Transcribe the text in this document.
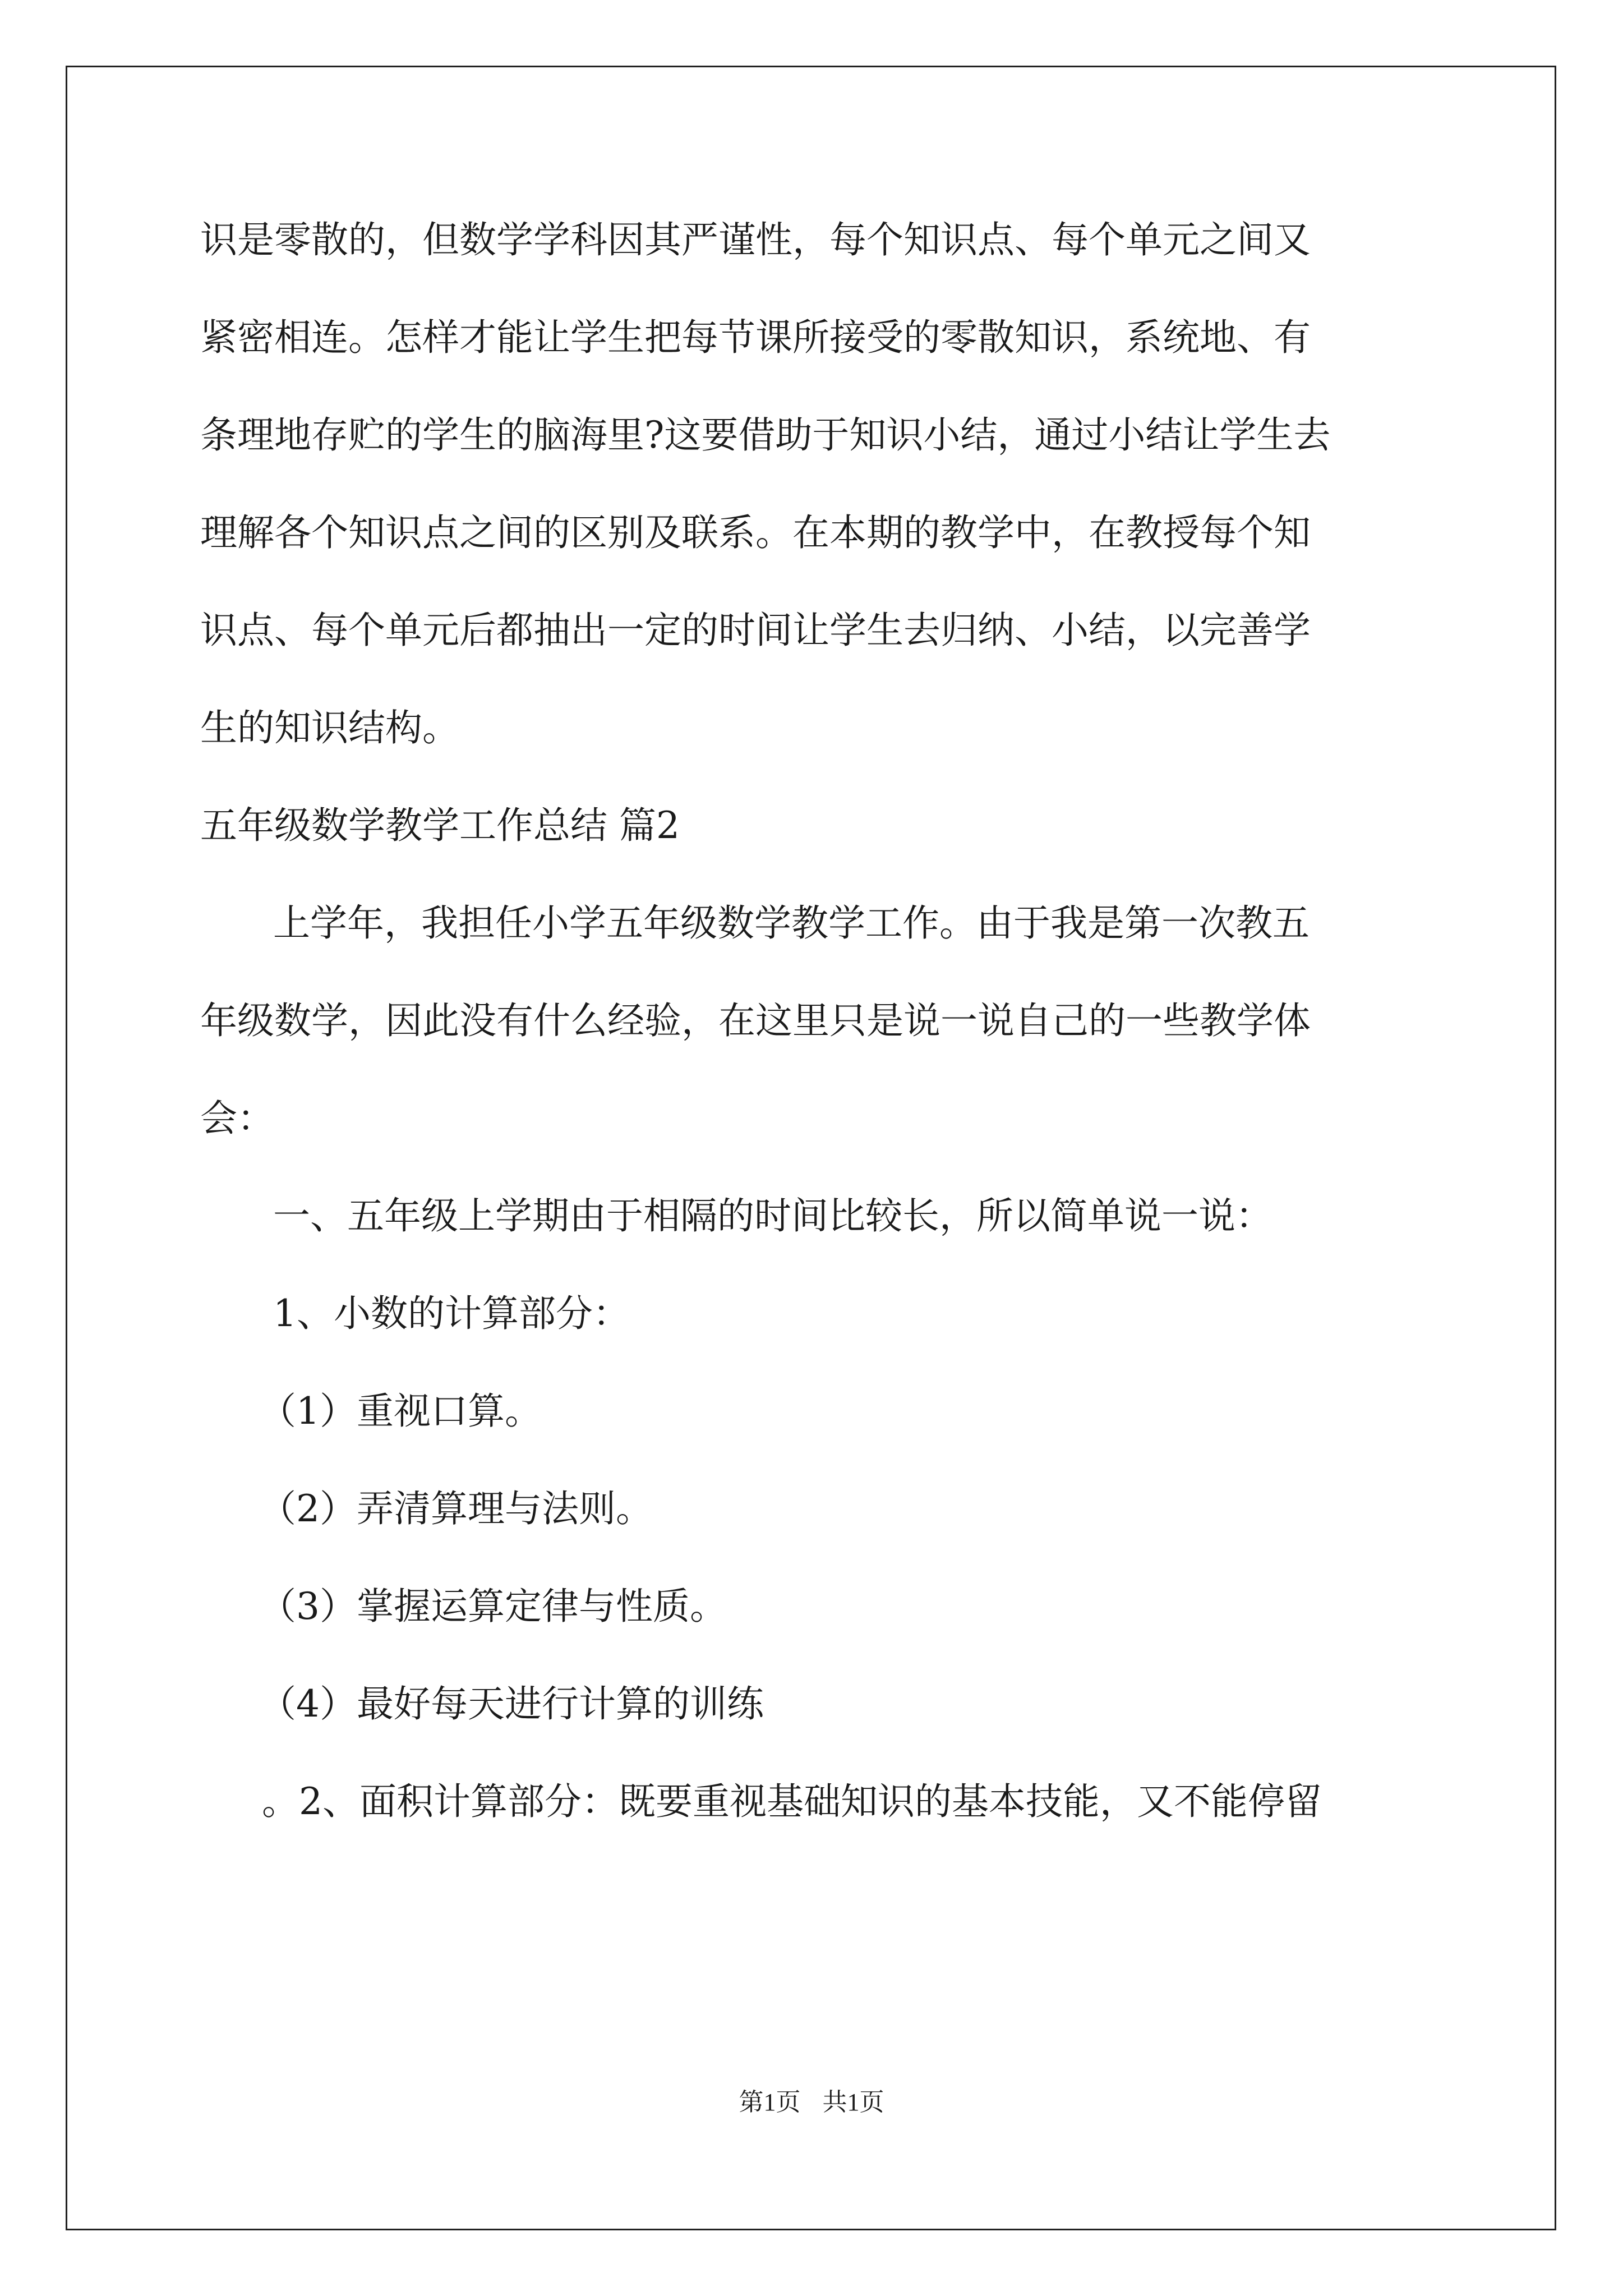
识是零散的，但数学学科因其严谨性，每个知识点、每个单元之间又
紧密相连。怎样才能让学生把每节课所接受的零散知识，系统地、有
条理地存贮的学生的脑海里?这要借助于知识小结，通过小结让学生去
理解各个知识点之间的区别及联系。在本期的教学中，在教授每个知
识点、每个单元后都抽出一定的时间让学生去归纳、小结，以完善学
生的知识结构。
五年级数学教学工作总结 篇2
上学年，我担任小学五年级数学教学工作。由于我是第一次教五
年级数学，因此没有什么经验，在这里只是说一说自己的一些教学体
会：
一、五年级上学期由于相隔的时间比较长，所以简单说一说：
1、小数的计算部分：
（1）重视口算。
（2）弄清算理与法则。
（3）掌握运算定律与性质。
（4）最好每天进行计算的训练
。2、面积计算部分：既要重视基础知识的基本技能，又不能停留
第1页 共1页
